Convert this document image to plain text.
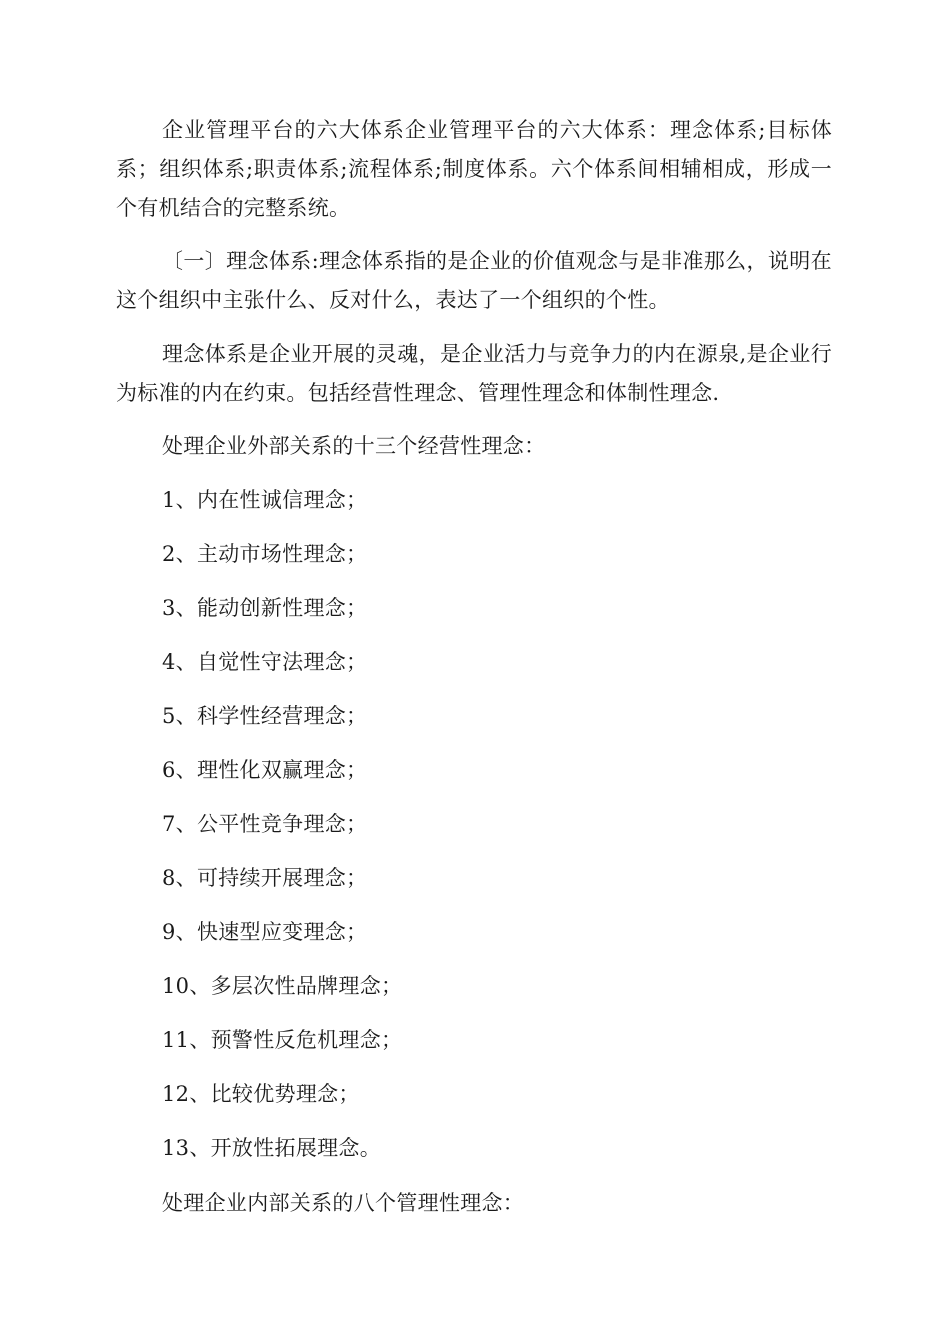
企业管理平台的六大体系企业管理平台的六大体系：理念体系;目标体系；组织体系;职责体系;流程体系;制度体系。六个体系间相辅相成，形成一个有机结合的完整系统。

〔一〕理念体系:理念体系指的是企业的价值观念与是非准那么，说明在这个组织中主张什么、反对什么，表达了一个组织的个性。

理念体系是企业开展的灵魂，是企业活力与竞争力的内在源泉,是企业行为标准的内在约束。包括经营性理念、管理性理念和体制性理念.

处理企业外部关系的十三个经营性理念：

1、内在性诚信理念；

2、主动市场性理念；

3、能动创新性理念；

4、自觉性守法理念；

5、科学性经营理念；

6、理性化双赢理念；

7、公平性竞争理念；

8、可持续开展理念；

9、快速型应变理念；

10、多层次性品牌理念；

11、预警性反危机理念；

12、比较优势理念；

13、开放性拓展理念。

处理企业内部关系的八个管理性理念：
